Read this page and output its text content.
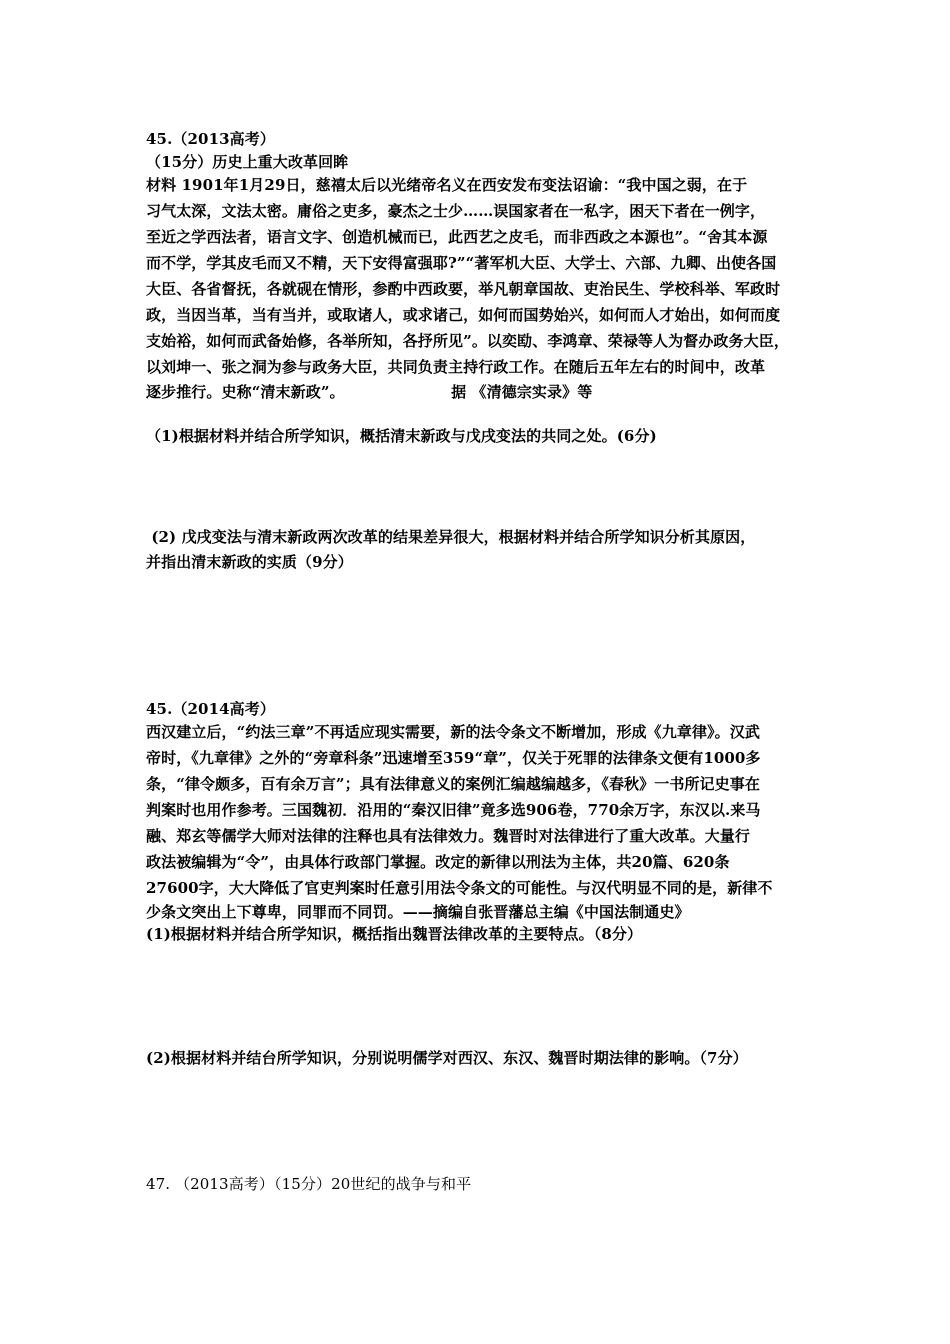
45.（2013高考）
（15分）历史上重大改革回眸
材料 1901年1月29日，慈禧太后以光绪帝名义在西安发布变法诏谕：“我中国之弱，在于
习气太深，文法太密。庸俗之吏多，豪杰之士少……误国家者在一私字，困天下者在一例字，
至近之学西法者，语言文字、创造机械而已，此西艺之皮毛，而非西政之本源也”。“舍其本源
而不学，学其皮毛而又不精，天下安得富强耶?”“著军机大臣、大学士、六部、九卿、出使各国
大臣、各省督抚，各就砚在情形，参酌中西政要，举凡朝章国故、吏治民生、学校科举、军政时
政，当因当革，当有当并，或取诸人，或求诸己，如何而国势始兴，如何而人才始出，如何而度
支始裕，如何而武备始修，各举所知，各抒所见”。以奕劻、李鸿章、荣禄等人为督办政务大臣，
以刘坤一、张之洞为参与政务大臣，共同负责主持行政工作。在随后五年左右的时间中，改革
逐步推行。史称“清末新政”。                    据 《清德宗实录》等
（1)根据材料并结合所学知识，概括清末新政与戊戌变法的共同之处。(6分)
(2) 戊戌变法与清末新政两次改革的结果差异很大，根据材料并结合所学知识分析其原因，
并指出清末新政的实质（9分）
45.（2014高考）
西汉建立后，“约法三章”不再适应现实需要，新的法令条文不断增加，形成《九章律》。汉武
帝时，《九章律》之外的“旁章科条”迅速增至359“章”，仅关于死罪的法律条文便有1000多
条，“律令颇多，百有余万言”；具有法律意义的案例汇编越编越多，《春秋》一书所记史事在
判案时也用作参考。三国魏初．沿用的“秦汉旧律”竟多选906卷，770余万字，东汉以.来马
融、郑玄等儒学大师对法律的注释也具有法律效力。魏晋时对法律进行了重大改革。大量行
政法被编辑为“令”，由具体行政部门掌握。改定的新律以刑法为主体，共20篇、620条
27600字，大大降低了官吏判案时任意引用法令条文的可能性。与汉代明显不同的是，新律不
少条文突出上下尊卑，同罪而不同罚。——摘编自张晋藩总主编《中国法制通史》
(1)根据材料并结合所学知识，概括指出魏晋法律改革的主要特点。（8分）
(2)根据材料并结台所学知识，分别说明儒学对西汉、东汉、魏晋时期法律的影响。（7分）
47. （2013高考）（15分）20世纪的战争与和平
